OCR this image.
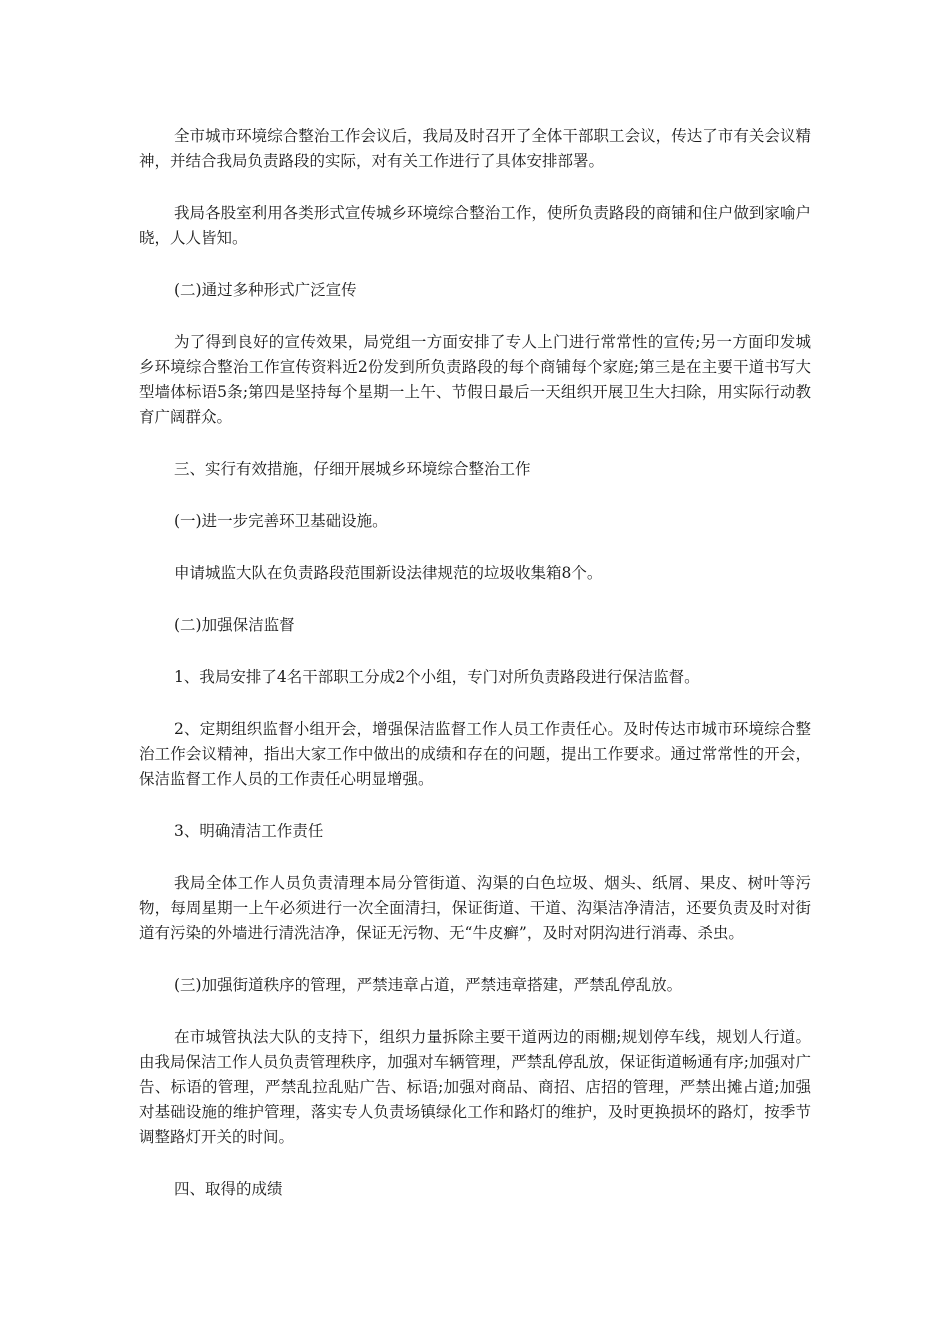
全市城市环境综合整治工作会议后，我局及时召开了全体干部职工会议，传达了市有关会议精神，并结合我局负责路段的实际，对有关工作进行了具体安排部署。

我局各股室利用各类形式宣传城乡环境综合整治工作，使所负责路段的商铺和住户做到家喻户晓，人人皆知。

(二)通过多种形式广泛宣传

为了得到良好的宣传效果，局党组一方面安排了专人上门进行常常性的宣传;另一方面印发城乡环境综合整治工作宣传资料近2份发到所负责路段的每个商铺每个家庭;第三是在主要干道书写大型墙体标语5条;第四是坚持每个星期一上午、节假日最后一天组织开展卫生大扫除，用实际行动教育广阔群众。

三、实行有效措施，仔细开展城乡环境综合整治工作

(一)进一步完善环卫基础设施。

申请城监大队在负责路段范围新设法律规范的垃圾收集箱8个。

(二)加强保洁监督

1、我局安排了4名干部职工分成2个小组，专门对所负责路段进行保洁监督。

2、定期组织监督小组开会，增强保洁监督工作人员工作责任心。及时传达市城市环境综合整治工作会议精神，指出大家工作中做出的成绩和存在的问题，提出工作要求。通过常常性的开会，保洁监督工作人员的工作责任心明显增强。

3、明确清洁工作责任

我局全体工作人员负责清理本局分管街道、沟渠的白色垃圾、烟头、纸屑、果皮、树叶等污物，每周星期一上午必须进行一次全面清扫，保证街道、干道、沟渠洁净清洁，还要负责及时对街道有污染的外墙进行清洗洁净，保证无污物、无“牛皮癣”，及时对阴沟进行消毒、杀虫。

(三)加强街道秩序的管理，严禁违章占道，严禁违章搭建，严禁乱停乱放。

在市城管执法大队的支持下，组织力量拆除主要干道两边的雨棚;规划停车线，规划人行道。由我局保洁工作人员负责管理秩序，加强对车辆管理，严禁乱停乱放，保证街道畅通有序;加强对广告、标语的管理，严禁乱拉乱贴广告、标语;加强对商品、商招、店招的管理，严禁出摊占道;加强对基础设施的维护管理，落实专人负责场镇绿化工作和路灯的维护，及时更换损坏的路灯，按季节调整路灯开关的时间。

四、取得的成绩
